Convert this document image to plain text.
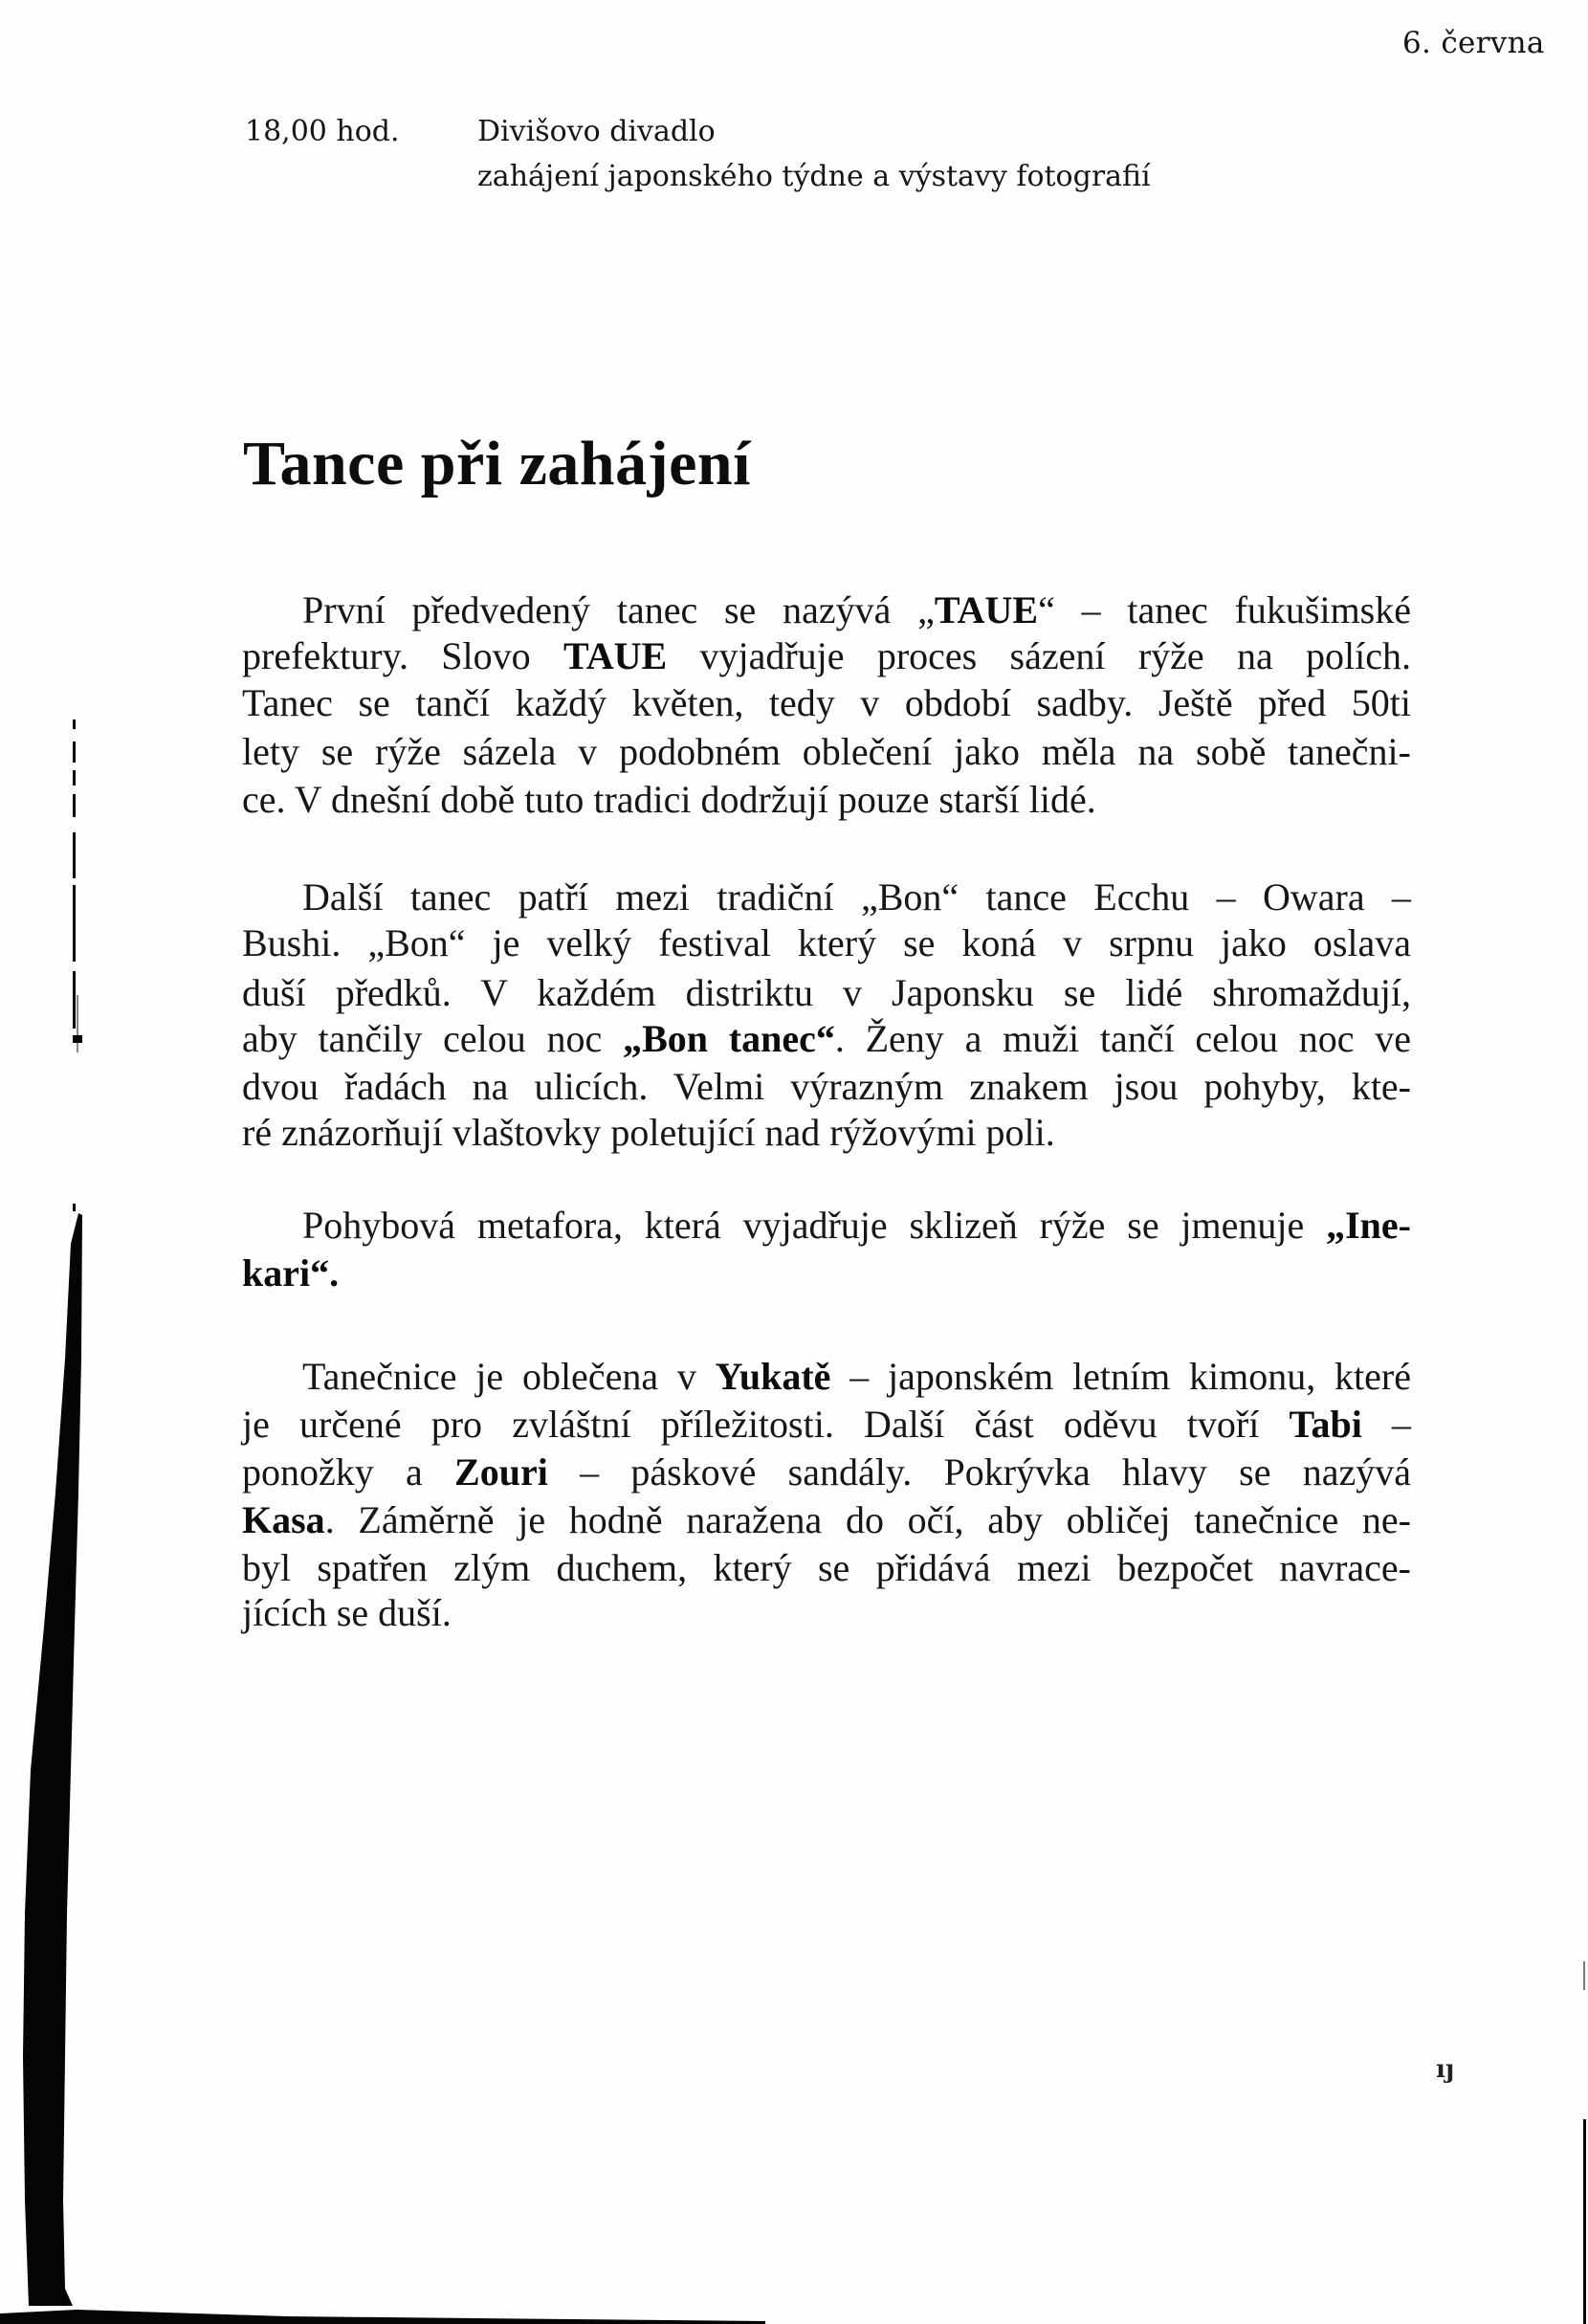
6. června
18,00 hod.	Divišovo divadlo
zahájení japonského týdne a výstavy fotografií
Tance při zahájení
První předvedený tanec se nazývá „TAUE“ – tanec fukušimské
prefektury. Slovo TAUE vyjadřuje proces sázení rýže na polích.
Tanec se tančí každý květen, tedy v období sadby. Ještě před 50ti
lety se rýže sázela v podobném oblečení jako měla na sobě tanečni-
ce. V dnešní době tuto tradici dodržují pouze starší lidé.
Další tanec patří mezi tradiční „Bon“ tance Ecchu – Owara –
Bushi. „Bon“ je velký festival který se koná v srpnu jako oslava
duší předků. V každém distriktu v Japonsku se lidé shromaždují,
aby tančily celou noc „Bon tanec“. Ženy a muži tančí celou noc ve
dvou řadách na ulicích. Velmi výrazným znakem jsou pohyby, kte-
ré znázorňují vlaštovky poletující nad rýžovými poli.
Pohybová metafora, která vyjadřuje sklizeň rýže se jmenuje „Ine-
kari“.
Tanečnice je oblečena v Yukatě – japonském letním kimonu, které
je určené pro zvláštní příležitosti. Další část oděvu tvoří Tabi –
ponožky a Zouri – páskové sandály. Pokrývka hlavy se nazývá
Kasa. Záměrně je hodně naražena do očí, aby obličej tanečnice ne-
byl spatřen zlým duchem, který se přidává mezi bezpočet navrace-
jících se duší.
ıȷ
